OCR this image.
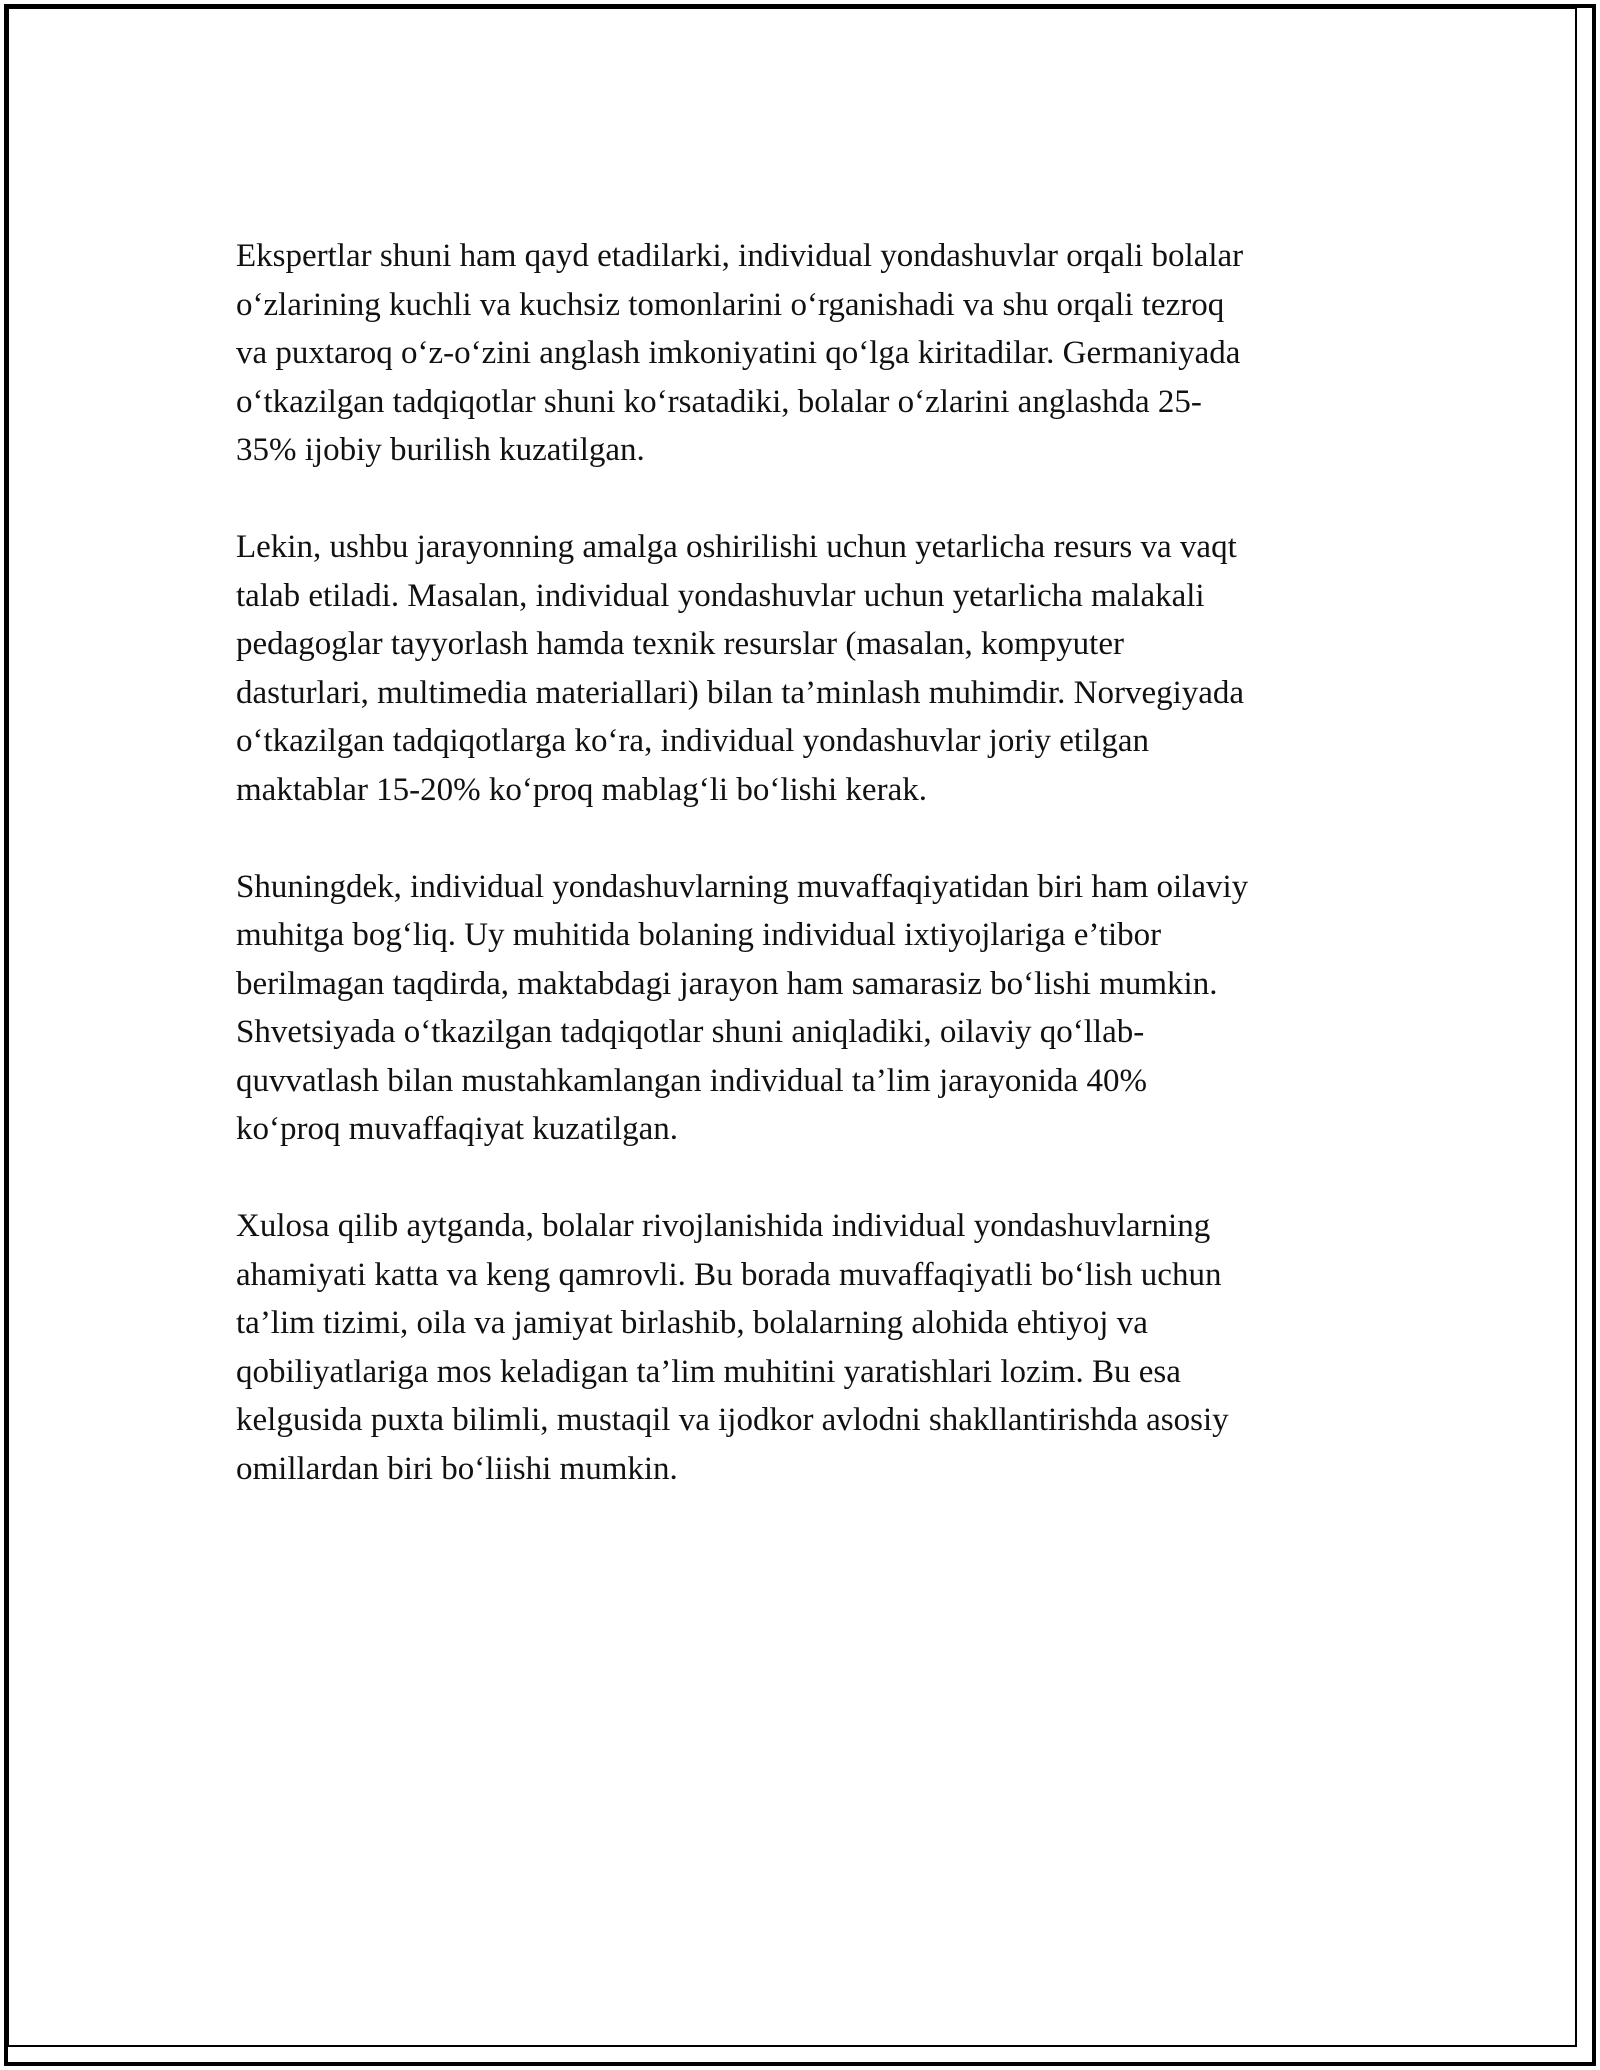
Ekspertlar shuni ham qayd etadilarki, individual yondashuvlar orqali bolalar
o‘zlarining kuchli va kuchsiz tomonlarini o‘rganishadi va shu orqali tezroq
va puxtaroq o‘z-o‘zini anglash imkoniyatini qo‘lga kiritadilar. Germaniyada
o‘tkazilgan tadqiqotlar shuni ko‘rsatadiki, bolalar o‘zlarini anglashda 25-
35% ijobiy burilish kuzatilgan.

Lekin, ushbu jarayonning amalga oshirilishi uchun yetarlicha resurs va vaqt
talab etiladi. Masalan, individual yondashuvlar uchun yetarlicha malakali
pedagoglar tayyorlash hamda texnik resurslar (masalan, kompyuter
dasturlari, multimedia materiallari) bilan ta’minlash muhimdir. Norvegiyada
o‘tkazilgan tadqiqotlarga ko‘ra, individual yondashuvlar joriy etilgan
maktablar 15-20% ko‘proq mablag‘li bo‘lishi kerak.

Shuningdek, individual yondashuvlarning muvaffaqiyatidan biri ham oilaviy
muhitga bog‘liq. Uy muhitida bolaning individual ixtiyojlariga e’tibor
berilmagan taqdirda, maktabdagi jarayon ham samarasiz bo‘lishi mumkin.
Shvetsiyada o‘tkazilgan tadqiqotlar shuni aniqladiki, oilaviy qo‘llab-
quvvatlash bilan mustahkamlangan individual ta’lim jarayonida 40%
ko‘proq muvaffaqiyat kuzatilgan.

Xulosa qilib aytganda, bolalar rivojlanishida individual yondashuvlarning
ahamiyati katta va keng qamrovli. Bu borada muvaffaqiyatli bo‘lish uchun
ta’lim tizimi, oila va jamiyat birlashib, bolalarning alohida ehtiyoj va
qobiliyatlariga mos keladigan ta’lim muhitini yaratishlari lozim. Bu esa
kelgusida puxta bilimli, mustaqil va ijodkor avlodni shakllantirishda asosiy
omillardan biri bo‘liishi mumkin.
